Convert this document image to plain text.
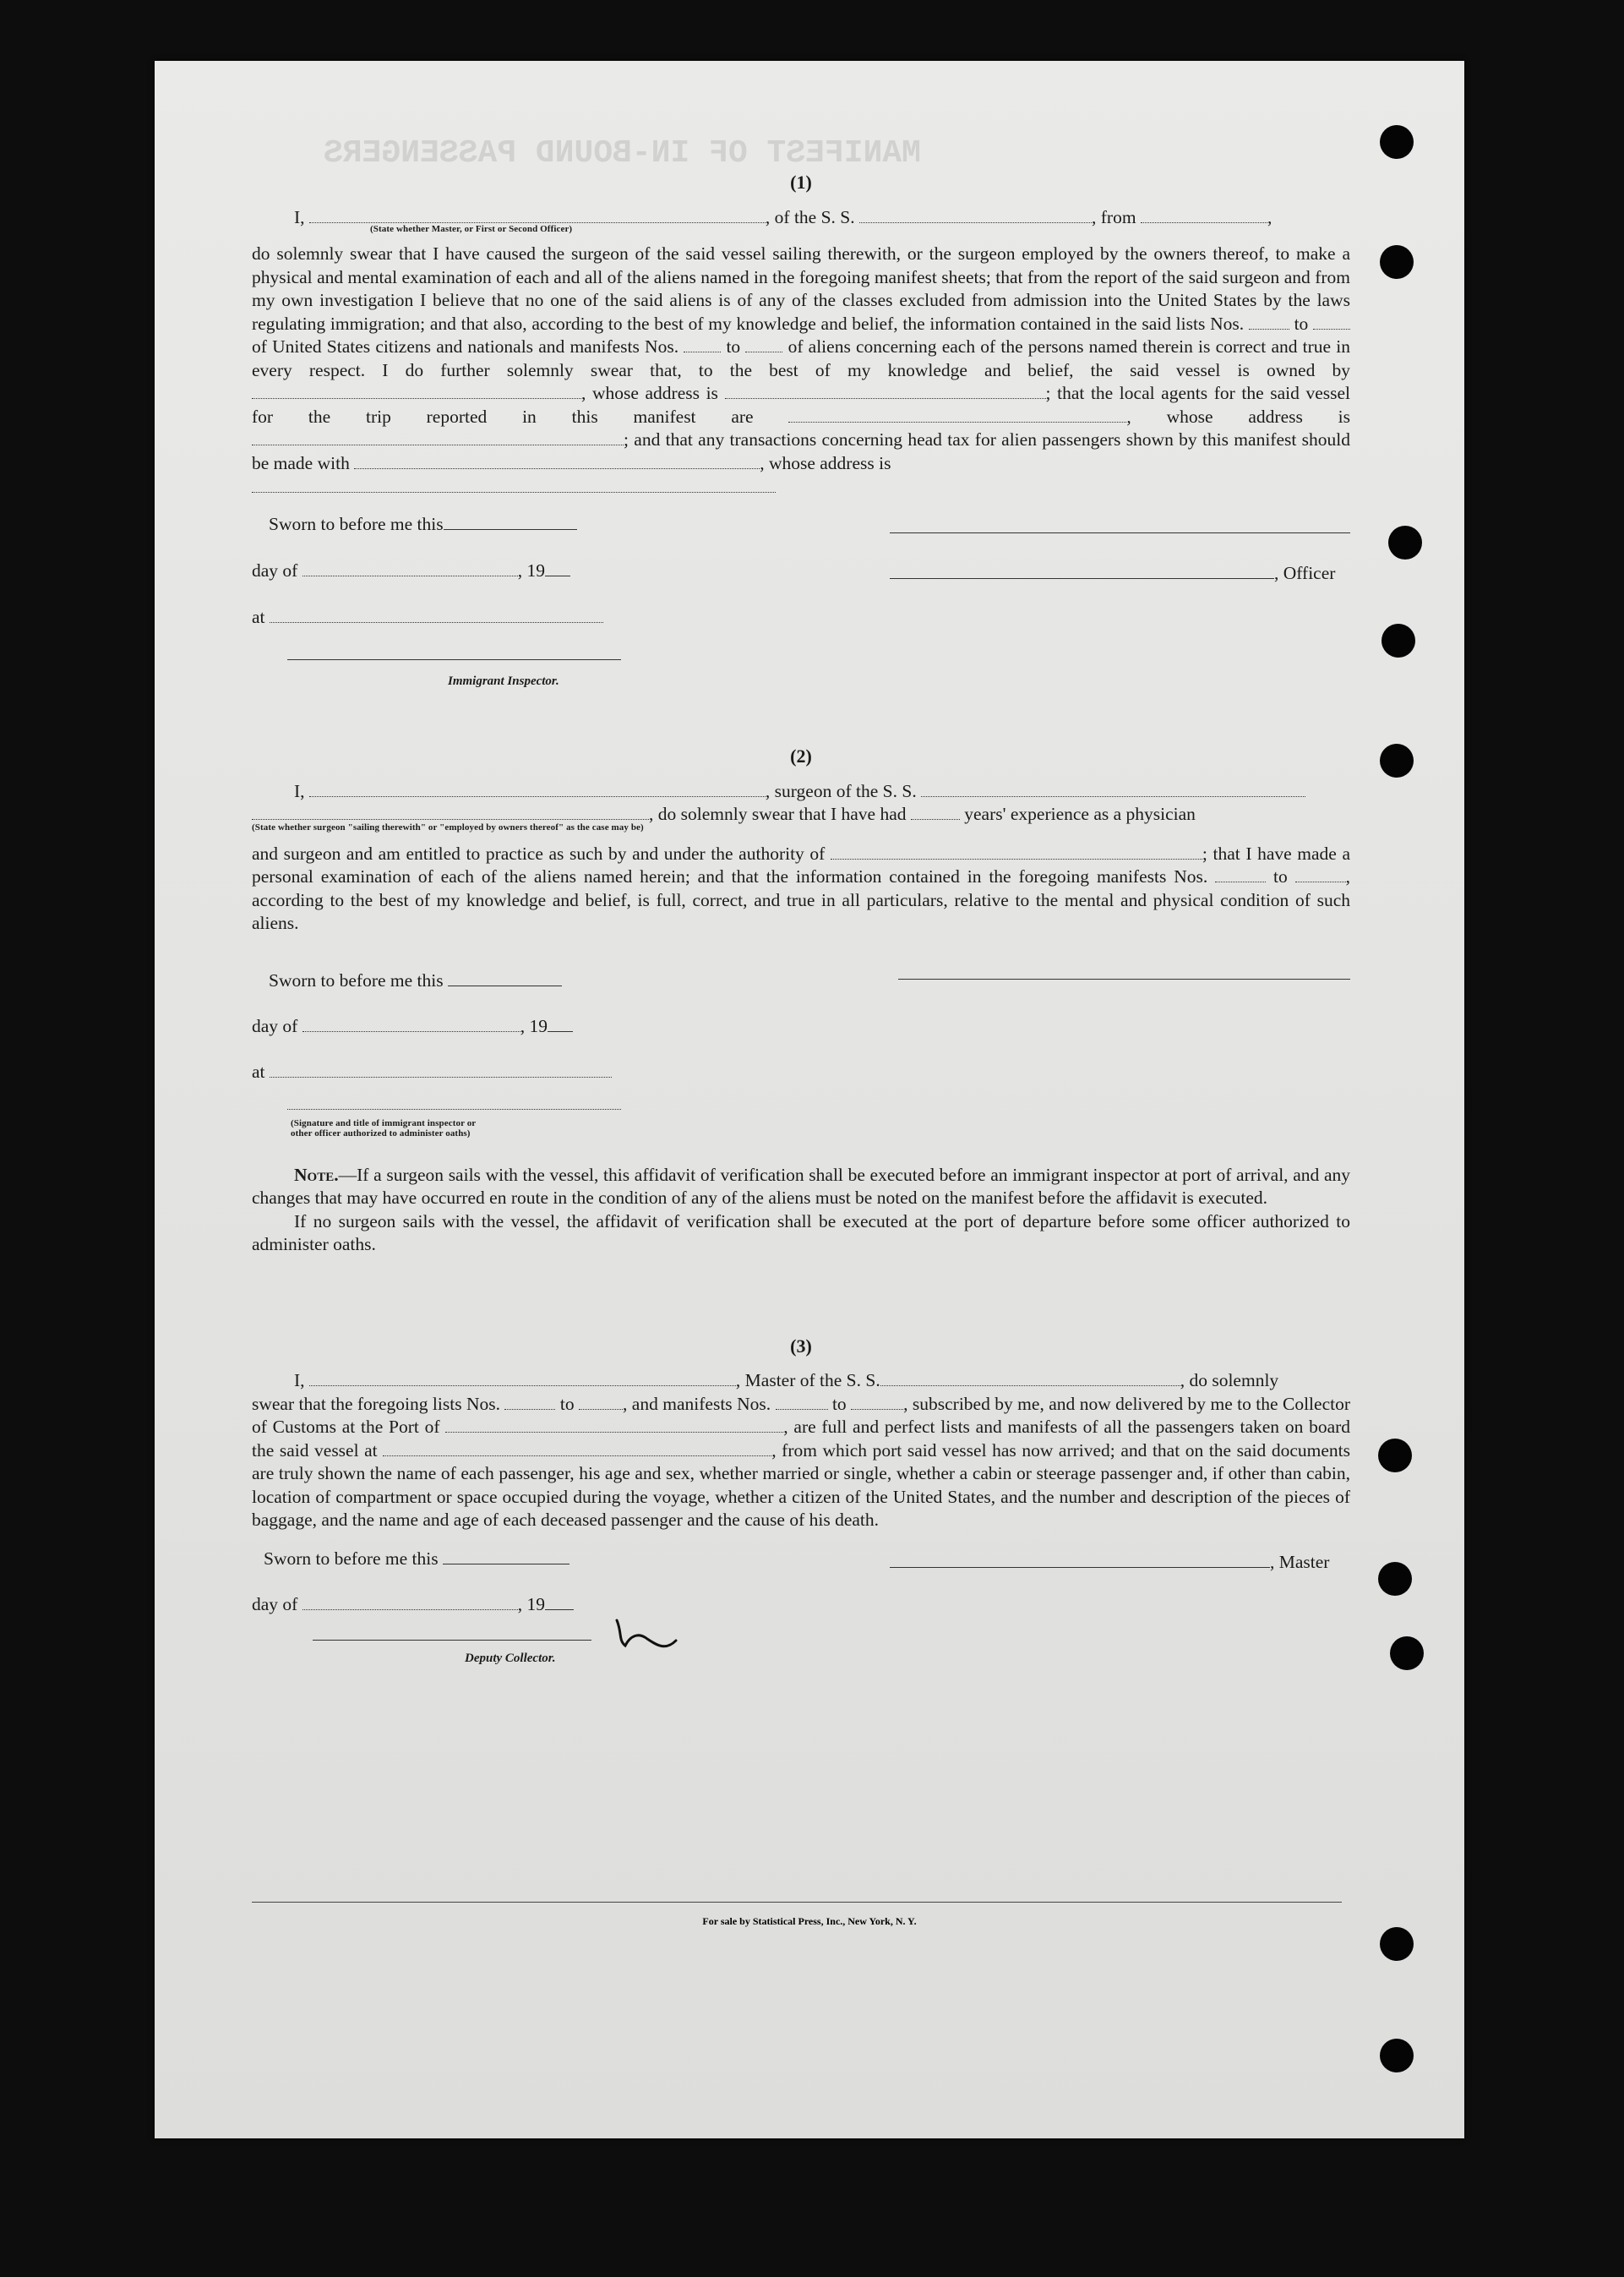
MANIFEST OF IN-BOUND PASSENGERS
(1)
I,	, of the S. S.	, from	,
(State whether Master, or First or Second Officer)
do solemnly swear that I have caused the surgeon of the said vessel sailing therewith, or the surgeon employed by the owners thereof, to make a physical and mental examination of each and all of the aliens named in the foregoing manifest sheets; that from the report of the said surgeon and from my own investigation I believe that no one of the said aliens is of any of the classes excluded from admission into the United States by the laws regulating immigration; and that also, according to the best of my knowledge and belief, the information contained in the said lists Nos.	to  of United States citizens and nationals and manifests Nos.	to	of aliens concerning each of the persons named therein is correct and true in every respect. I do further solemnly swear that, to the best of my knowledge and belief, the said vessel is owned by , whose address is	; that the local agents for the said vessel for the trip reported in this manifest are	, whose address is ; and that any transactions concerning head tax for alien passengers shown by this manifest should be made with	, whose address is
Sworn to before me this
day of	, 19
at
Immigrant Inspector.
, Officer
(2)
I,	, surgeon of the S. S.
, do solemnly swear that I have had	years' experience as a physician
(State whether surgeon "sailing therewith" or "employed by owners thereof" as the case may be)
and surgeon and am entitled to practice as such by and under the authority of	; that I have made a personal examination of each of the aliens named herein; and that the information contained in the foregoing manifests Nos.	to	, according to the best of my knowledge and belief, is full, correct, and true in all particulars, relative to the mental and physical condition of such aliens.
Sworn to before me this
day of	, 19
at
(Signature and title of immigrant inspector or
other officer authorized to administer oaths)
Note.—If a surgeon sails with the vessel, this affidavit of verification shall be executed before an immigrant inspector at port of arrival, and any changes that may have occurred en route in the condition of any of the aliens must be noted on the manifest before the affidavit is executed.
If no surgeon sails with the vessel, the affidavit of verification shall be executed at the port of departure before some officer authorized to administer oaths.
(3)
I,	, Master of the S. S.	, do solemnly
swear that the foregoing lists Nos.	to	, and manifests Nos.	to	, subscribed by me, and now delivered by me to the Collector of Customs at the Port of	, are full and perfect lists and manifests of all the passengers taken on board the said vessel at	, from which port said vessel has now arrived; and that on the said documents are truly shown the name of each passenger, his age and sex, whether married or single, whether a cabin or steerage passenger and, if other than cabin, location of compartment or space occupied during the voyage, whether a citizen of the United States, and the number and description of the pieces of baggage, and the name and age of each deceased passenger and the cause of his death.
Sworn to before me this
day of	, 19
Deputy Collector.
, Master
For sale by Statistical Press, Inc., New York, N. Y.
